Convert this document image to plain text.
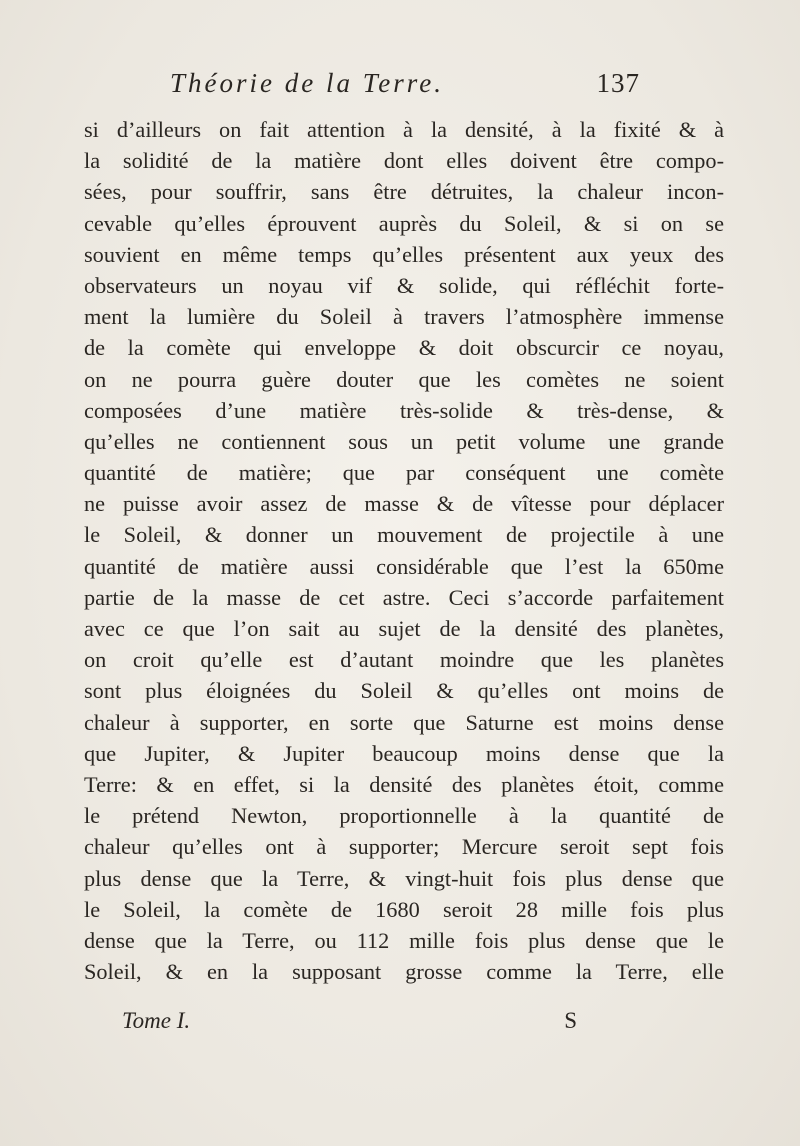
Théorie de la Terre.	137
si d’ailleurs on fait attention à la densité, à la fixité & à
la solidité de la matière dont elles doivent être compo-
sées, pour souffrir, sans être détruites, la chaleur incon-
cevable qu’elles éprouvent auprès du Soleil, & si on se
souvient en même temps qu’elles présentent aux yeux des
observateurs un noyau vif & solide, qui réfléchit forte-
ment la lumière du Soleil à travers l’atmosphère immense
de la comète qui enveloppe & doit obscurcir ce noyau,
on ne pourra guère douter que les comètes ne soient
composées d’une matière très-solide & très-dense, &
qu’elles ne contiennent sous un petit volume une grande
quantité de matière; que par conséquent une comète
ne puisse avoir assez de masse & de vîtesse pour déplacer
le Soleil, & donner un mouvement de projectile à une
quantité de matière aussi considérable que l’est la 650me
partie de la masse de cet astre. Ceci s’accorde parfaitement
avec ce que l’on sait au sujet de la densité des planètes,
on croit qu’elle est d’autant moindre que les planètes
sont plus éloignées du Soleil & qu’elles ont moins de
chaleur à supporter, en sorte que Saturne est moins dense
que Jupiter, & Jupiter beaucoup moins dense que la
Terre: & en effet, si la densité des planètes étoit, comme
le prétend Newton, proportionnelle à la quantité de
chaleur qu’elles ont à supporter; Mercure seroit sept fois
plus dense que la Terre, & vingt-huit fois plus dense que
le Soleil, la comète de 1680 seroit 28 mille fois plus
dense que la Terre, ou 112 mille fois plus dense que le
Soleil, & en la supposant grosse comme la Terre, elle
Tome I.	S
